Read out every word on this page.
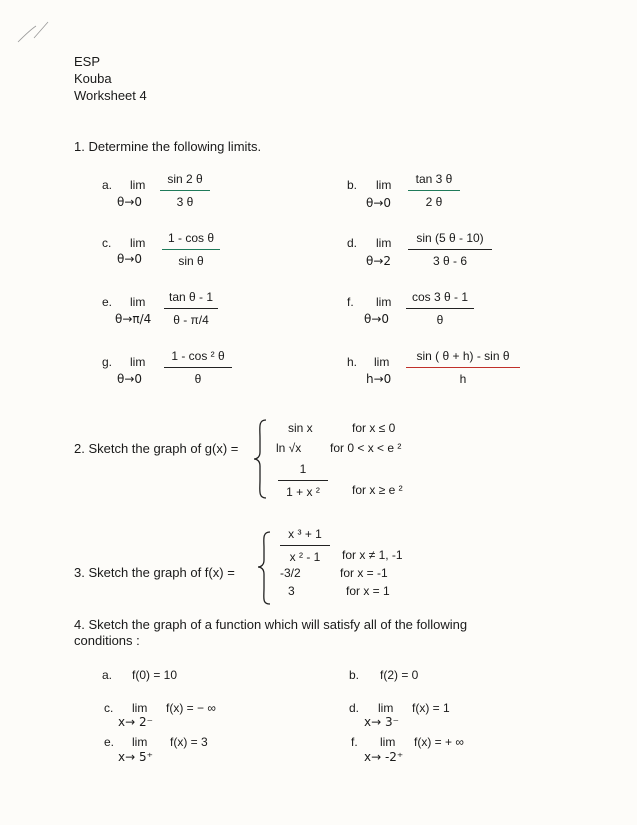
ESP
Kouba
Worksheet 4
1. Determine the following limits.
a. lim
θ→0
sin 2 θ
3 θ
b. lim
θ→0
tan 3 θ
2 θ
c. lim
θ→0
1 - cos θ
sin θ
d. lim
θ→2
sin (5 θ - 10)
3 θ - 6
e. lim
θ→π/4
tan θ - 1
θ - π/4
f. lim
θ→0
cos 3 θ - 1
θ
g. lim
θ→0
1 - cos ² θ
θ
h. lim
h→0
sin ( θ + h) - sin θ
h
2. Sketch the graph of g(x) =
sin x	for x ≤ 0
ln √x for 0 < x < e ²
1
1 + x ²	for x ≥ e ²
3. Sketch the graph of f(x) =
x ³ + 1
x ² - 1	for x ≠ 1, -1
-3/2	for x = -1
3	for x = 1
4. Sketch the graph of a function which will satisfy all of the following
conditions :
a. f(0) = 10	b. f(2) = 0
c. lim
x→ 2⁻
f(x) = − ∞	d. lim
x→ 3⁻
f(x) = 1
e. lim
x→ 5⁺
f(x) = 3	f. lim
x→ -2⁺
f(x) = + ∞
